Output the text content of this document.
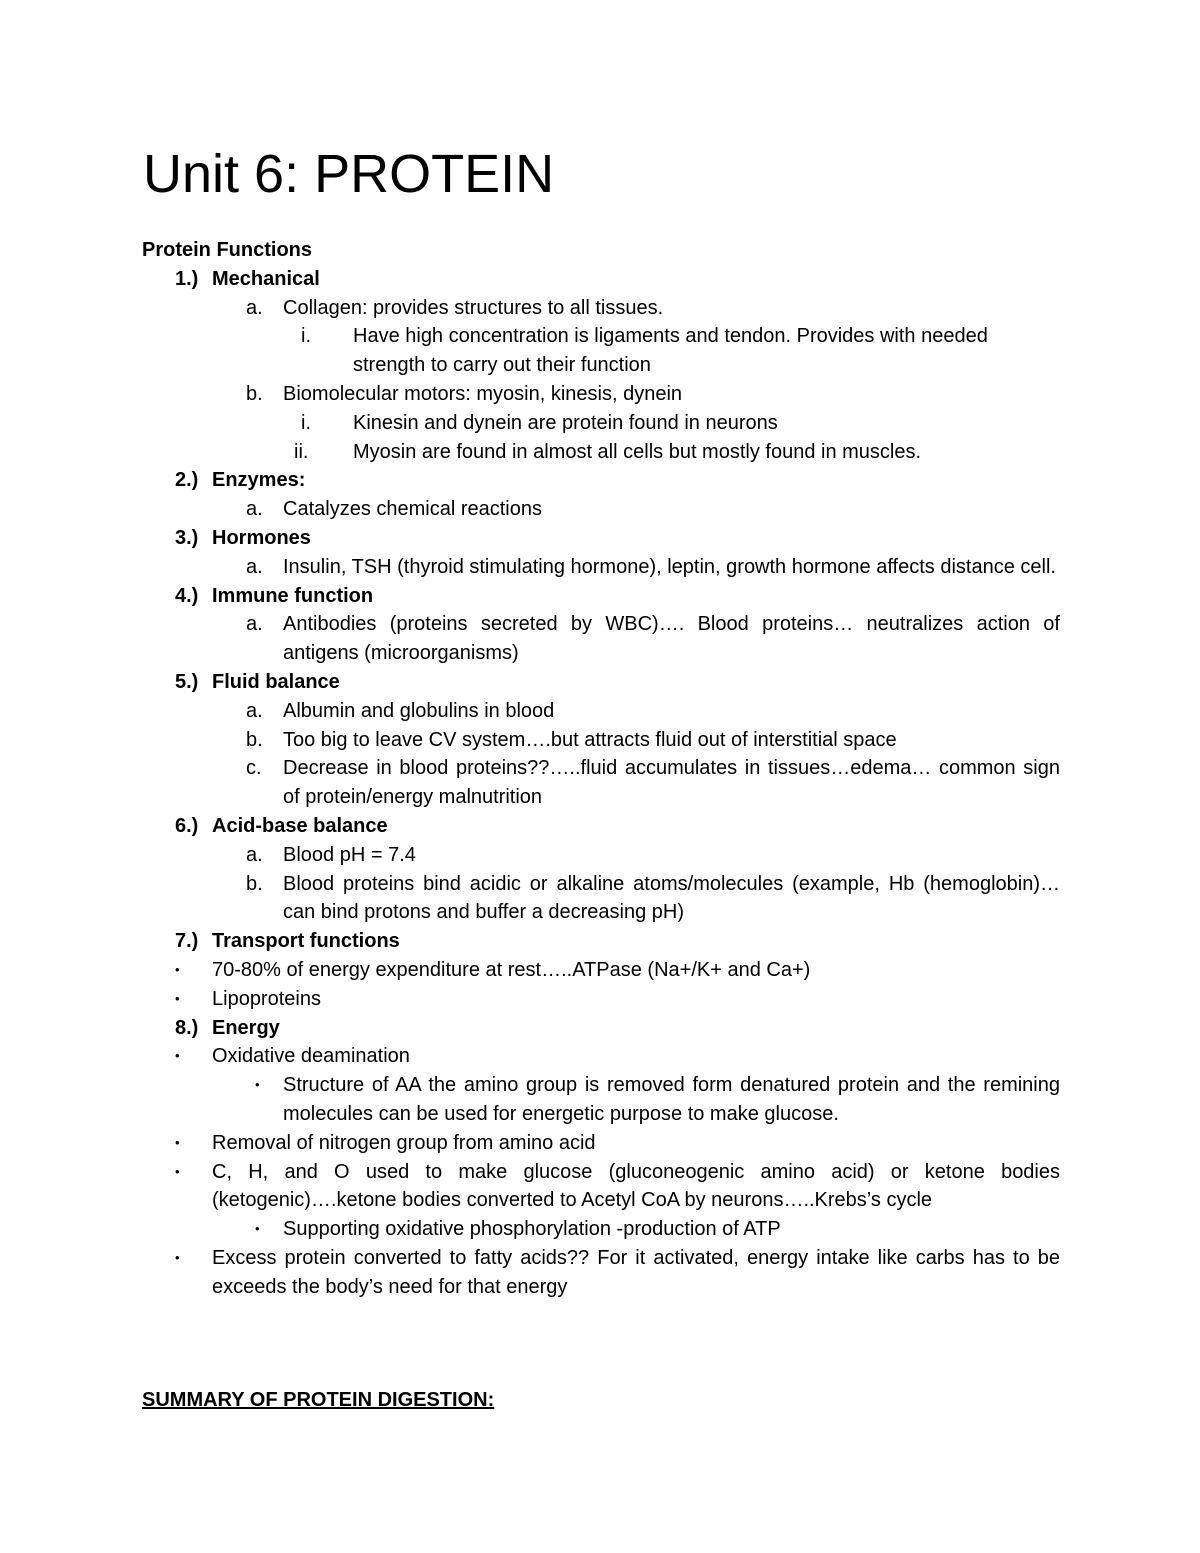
Unit 6: PROTEIN
Protein Functions
1.) Mechanical
a. Collagen: provides structures to all tissues.
i. Have high concentration is ligaments and tendon. Provides with needed strength to carry out their function
b. Biomolecular motors: myosin, kinesis, dynein
i. Kinesin and dynein are protein found in neurons
ii. Myosin are found in almost all cells but mostly found in muscles.
2.) Enzymes:
a. Catalyzes chemical reactions
3.) Hormones
a. Insulin, TSH (thyroid stimulating hormone), leptin, growth hormone affects distance cell.
4.) Immune function
a. Antibodies (proteins secreted by WBC)…. Blood proteins… neutralizes action of antigens (microorganisms)
5.) Fluid balance
a. Albumin and globulins in blood
b. Too big to leave CV system….but attracts fluid out of interstitial space
c. Decrease in blood proteins??…..fluid accumulates in tissues…edema… common sign of protein/energy malnutrition
6.) Acid-base balance
a. Blood pH = 7.4
b. Blood proteins bind acidic or alkaline atoms/molecules (example, Hb (hemoglobin)… can bind protons and buffer a decreasing pH)
7.) Transport functions
• 70-80% of energy expenditure at rest…..ATPase (Na+/K+ and Ca+)
• Lipoproteins
8.) Energy
• Oxidative deamination
• Structure of AA the amino group is removed form denatured protein and the remining molecules can be used for energetic purpose to make glucose.
• Removal of nitrogen group from amino acid
• C, H, and O used to make glucose (gluconeogenic amino acid) or ketone bodies (ketogenic)….ketone bodies converted to Acetyl CoA by neurons…..Krebs’s cycle
• Supporting oxidative phosphorylation -production of ATP
• Excess protein converted to fatty acids?? For it activated, energy intake like carbs has to be exceeds the body’s need for that energy
SUMMARY OF PROTEIN DIGESTION:
